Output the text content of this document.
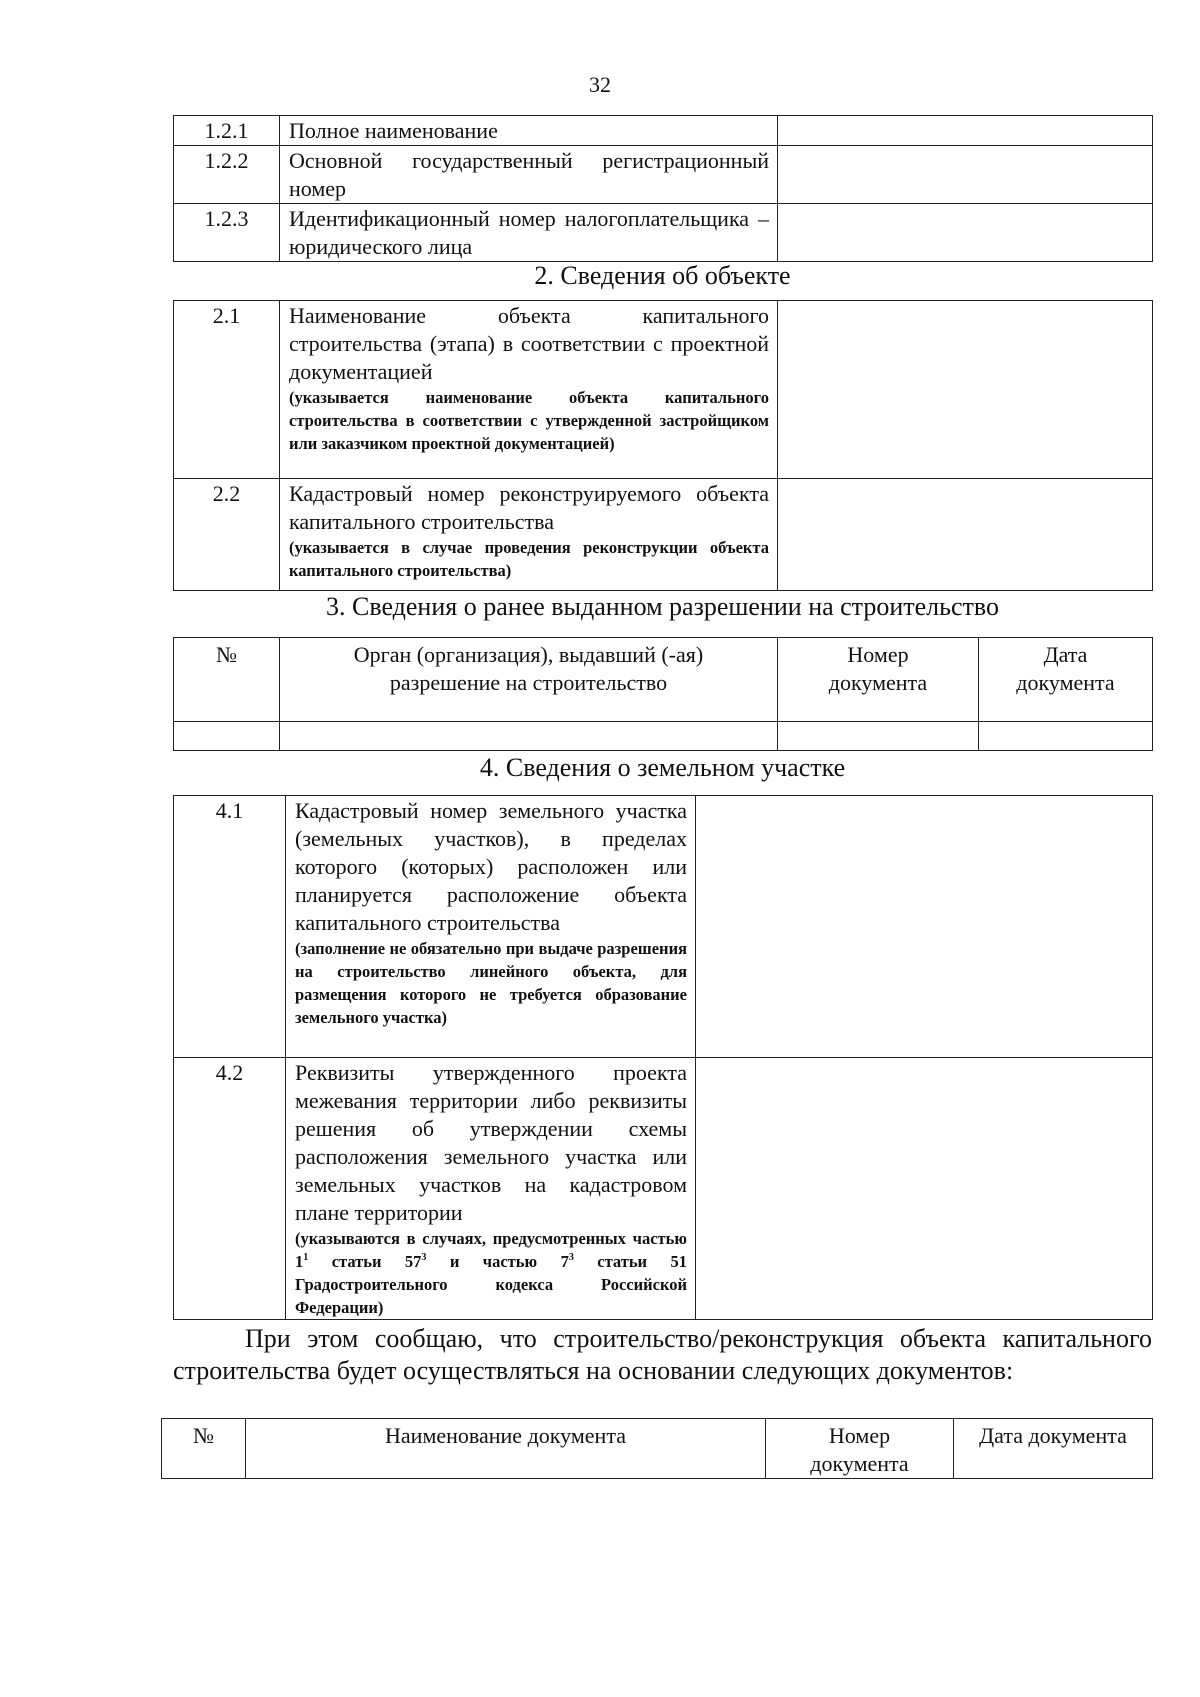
32
1.2.1	Полное наименование	
1.2.2	Основной государственный регистрационный номер	
1.2.3	Идентификационный номер налогоплательщика – юридического лица	
2. Сведения об объекте
2.1	Наименование объекта капитального строительства (этапа) в соответствии с проектной документацией
(указывается наименование объекта капитального строительства в соответствии с утвержденной застройщиком или заказчиком проектной документацией)	

2.2	Кадастровый номер реконструируемого объекта капитального строительства
(указывается в случае проведения реконструкции объекта капитального строительства)	

3. Сведения о ранее выданном разрешении на строительство
№	Орган (организация), выдавший (-ая) разрешение на строительство	Номер документа	Дата документа

4. Сведения о земельном участке
4.1	Кадастровый номер земельного участка (земельных участков), в пределах которого (которых) расположен или планируется расположение объекта капитального строительства
(заполнение не обязательно при выдаче разрешения на строительство линейного объекта, для размещения которого не требуется образование земельного участка)	

4.2	Реквизиты утвержденного проекта межевания территории либо реквизиты решения об утверждении схемы расположения земельного участка или земельных участков на кадастровом плане территории
(указываются в случаях, предусмотренных частью $1^1$ статьи $57^3$ и частью $7^3$ статьи 51 Градостроительного кодекса Российской Федерации)	

При этом сообщаю, что строительство/реконструкция объекта капитального строительства будет осуществляться на основании следующих документов:
№	Наименование документа	Номер документа	Дата документа
